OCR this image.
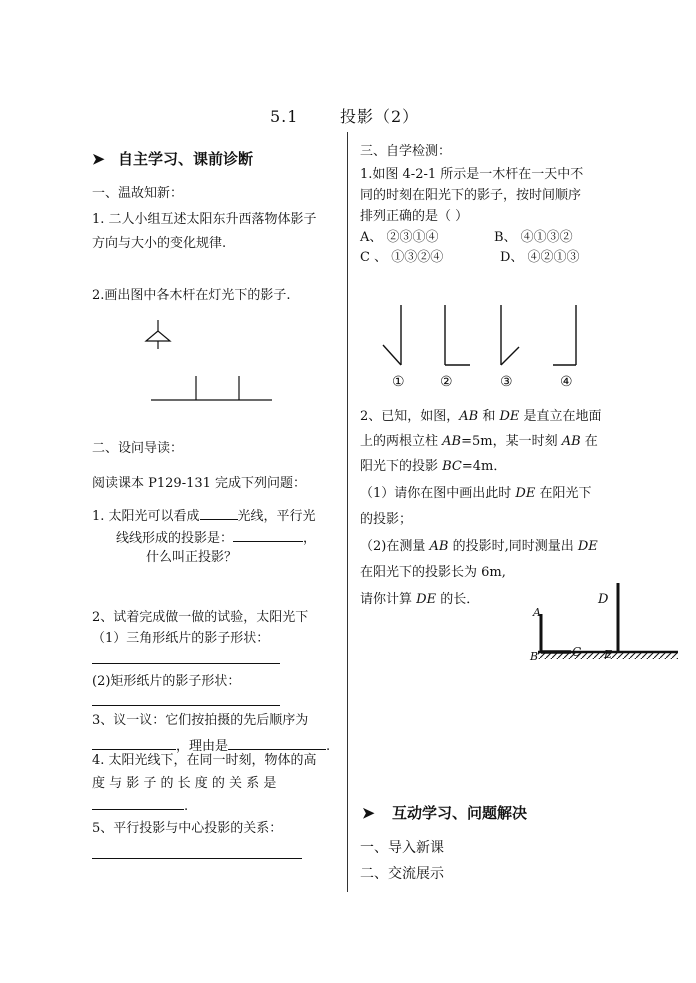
5.1	投影（2）
➤ 自主学习、课前诊断
一、温故知新：
1. 二人小组互述太阳东升西落物体影子
方向与大小的变化规律.
2.画出图中各木杆在灯光下的影子.
二、设问导读：
阅读课本 P129-131 完成下列问题：
1. 太阳光可以看成	光线，平行光
线线形成的投影是：	，
什么叫正投影？
2、试着完成做一做的试验，太阳光下
（1）三角形纸片的影子形状：
(2)矩形纸片的影子形状：
3、议一议：它们按拍摄的先后顺序为
，理由是	.
4. 太阳光线下，在同一时刻，物体的高
度 与 影 子 的 长 度 的 关 系 是
.
5、平行投影与中心投影的关系：
三、自学检测：
1.如图 4-2-1 所示是一木杆在一天中不
同的时刻在阳光下的影子，按时间顺序
排列正确的是（ ）
A、 ②③①④	B、 ④①③②
C 、 ①③②④	D、 ④②①③
①	②	③	④
2、已知，如图，AB 和 DE 是直立在地面
上的两根立柱 AB=5m，某一时刻 AB 在
阳光下的投影 BC=4m．
（1）请你在图中画出此时 DE 在阳光下
的投影；
（2)在测量 AB 的投影时,同时测量出 DE
在阳光下的投影长为 6m,
请你计算 DE 的长．
A
B	C
D
E
➤ 互动学习、问题解决
一、导入新课
二、交流展示
